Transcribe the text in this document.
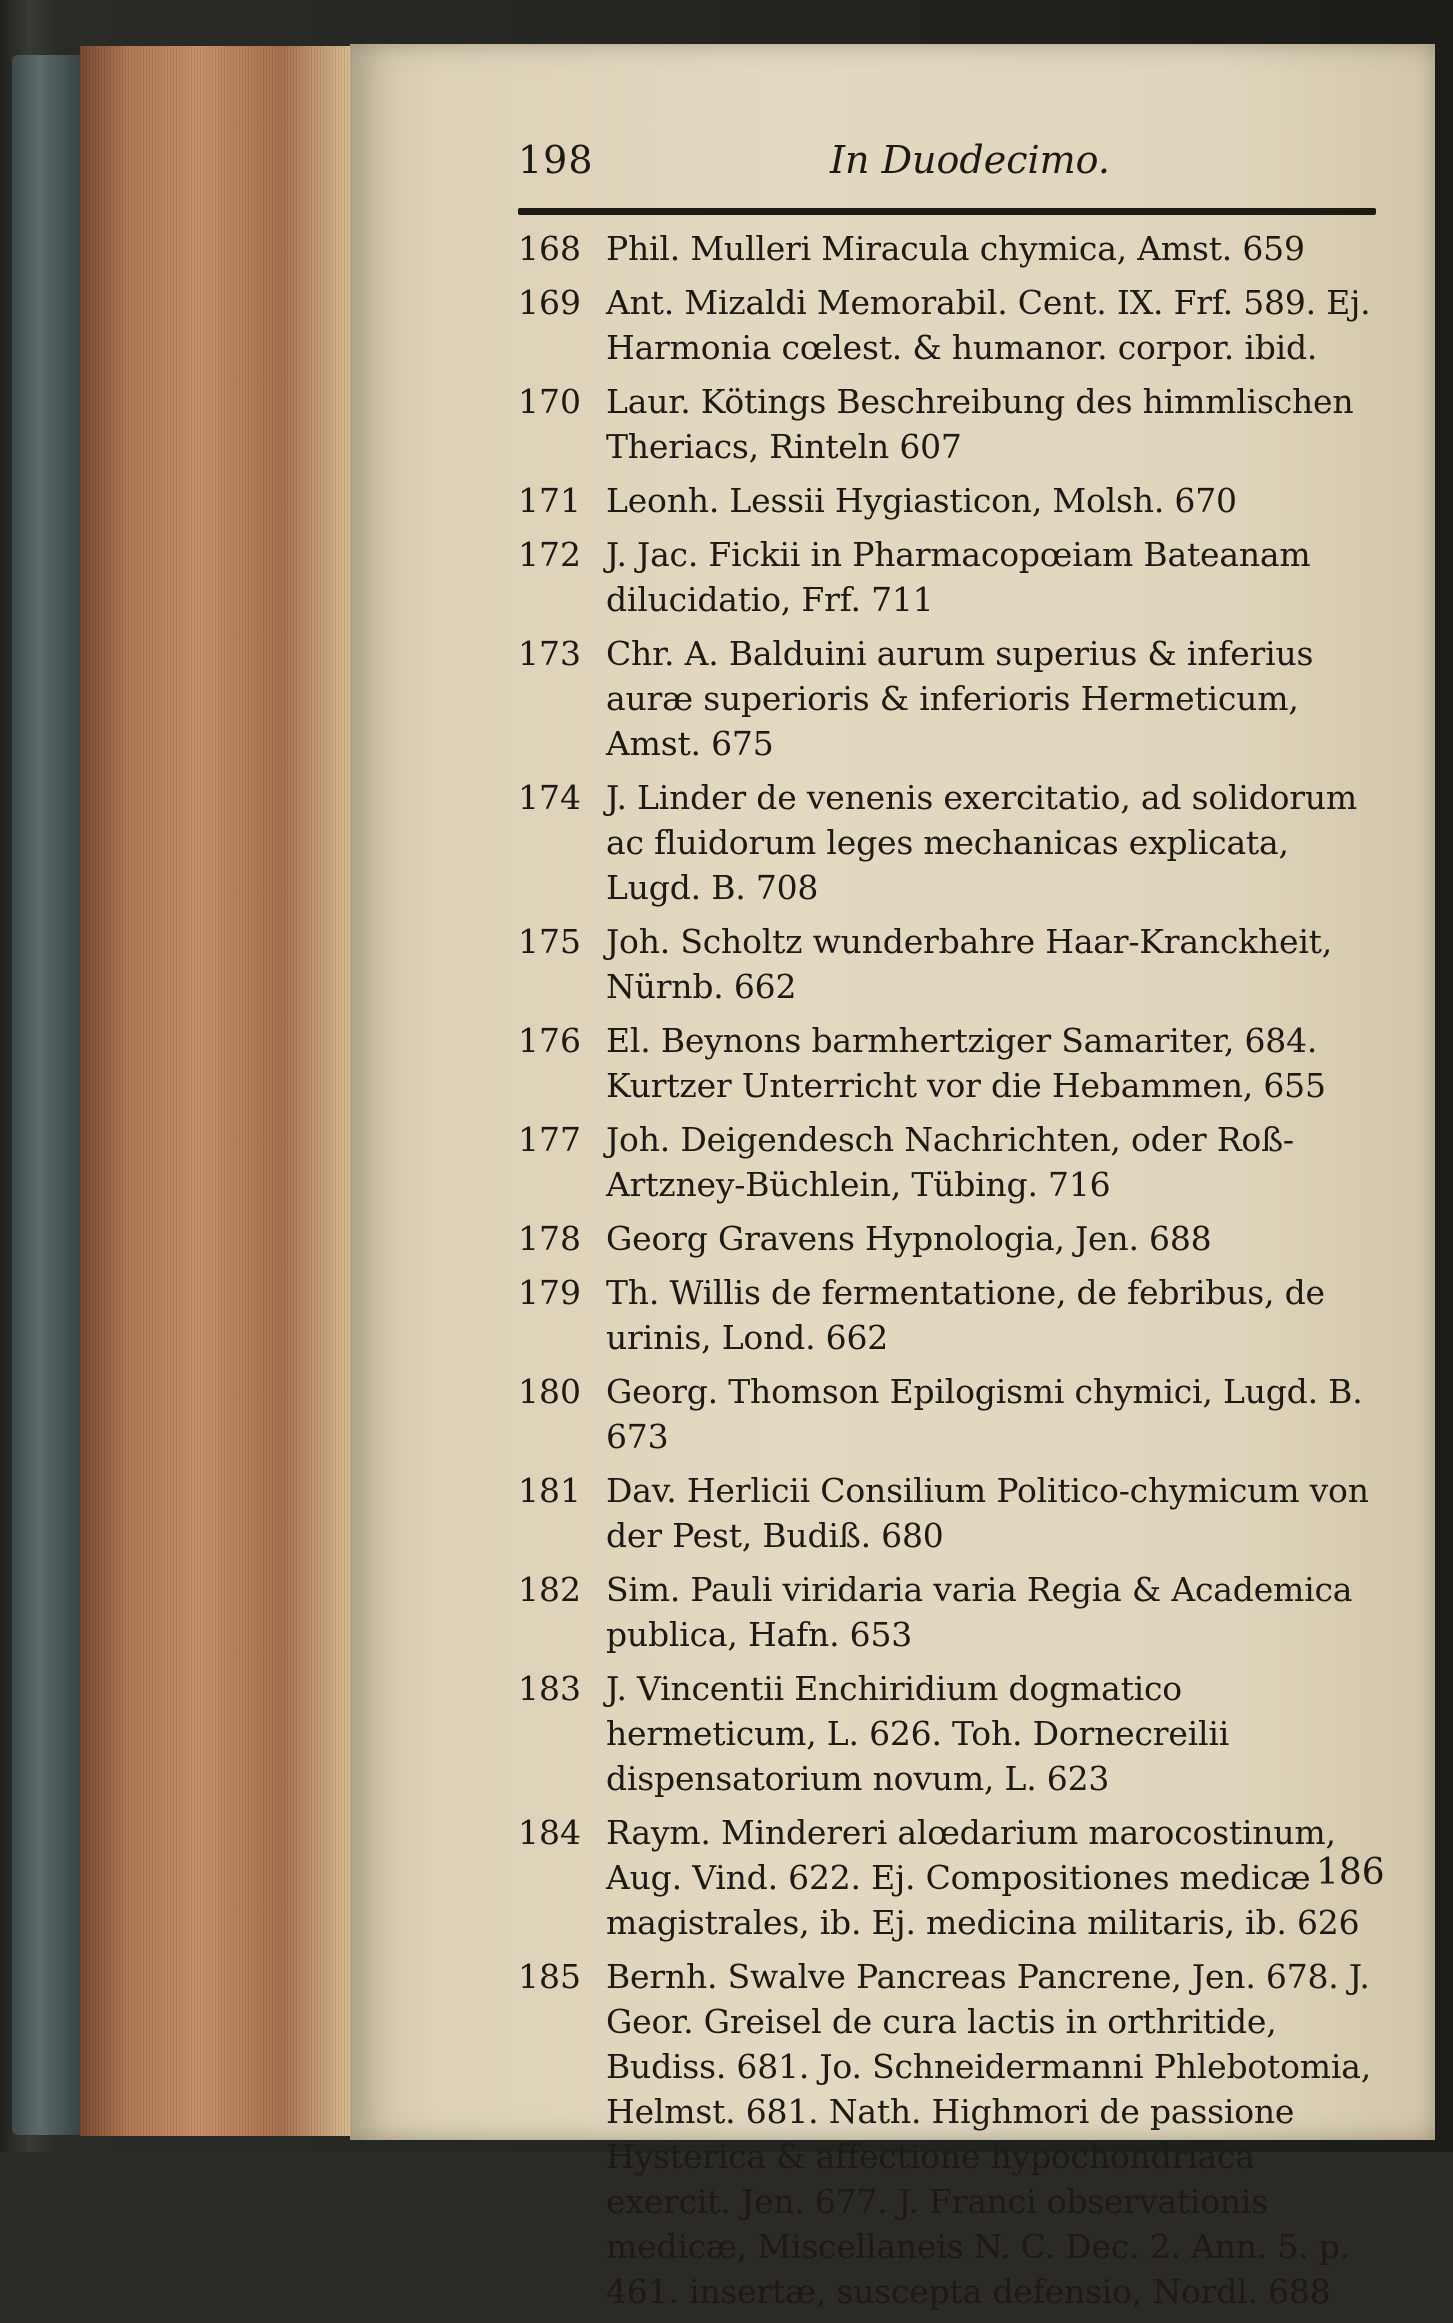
198	In Duodecimo.
168 Phil. Mulleri Miracula chymica, Amst. 659
169 Ant. Mizaldi Memorabil. Cent. IX. Frf. 589. Ej. Harmonia cœlest. & humanor. corpor. ibid.
170 Laur. Kötings Beschreibung des himmlischen Theriacs, Rinteln 607
171 Leonh. Lessii Hygiasticon, Molsh. 670
172 J. Jac. Fickii in Pharmacopœiam Bateanam dilucidatio, Frf. 711
173 Chr. A. Balduini aurum superius & inferius auræ superioris & inferioris Hermeticum, Amst. 675
174 J. Linder de venenis exercitatio, ad solidorum ac fluidorum leges mechanicas explicata, Lugd. B. 708
175 Joh. Scholtz wunderbahre Haar-Kranckheit, Nürnb. 662
176 El. Beynons barmhertziger Samariter, 684. Kurtzer Unterricht vor die Hebammen, 655
177 Joh. Deigendesch Nachrichten, oder Roß-Artzney-Büchlein, Tübing. 716
178 Georg Gravens Hypnologia, Jen. 688
179 Th. Willis de fermentatione, de febribus, de urinis, Lond. 662
180 Georg. Thomson Epilogismi chymici, Lugd. B. 673
181 Dav. Herlicii Consilium Politico-chymicum von der Pest, Budiß. 680
182 Sim. Pauli viridaria varia Regia & Academica publica, Hafn. 653
183 J. Vincentii Enchiridium dogmatico hermeticum, L. 626. Toh. Dornecreilii dispensatorium novum, L. 623
184 Raym. Mindereri alœdarium marocostinum, Aug. Vind. 622. Ej. Compositiones medicæ magistrales, ib. Ej. medicina militaris, ib. 626
185 Bernh. Swalve Pancreas Pancrene, Jen. 678. J. Geor. Greisel de cura lactis in orthritide, Budiss. 681. Jo. Schneidermanni Phlebotomia, Helmst. 681. Nath. Highmori de passione Hysterica & affectione hypochondriaca exercit. Jen. 677. J. Franci observationis medicæ, Miscellaneis N. C. Dec. 2. Ann. 5. p. 461. insertæ, suscepta defensio, Nordl. 688
186
